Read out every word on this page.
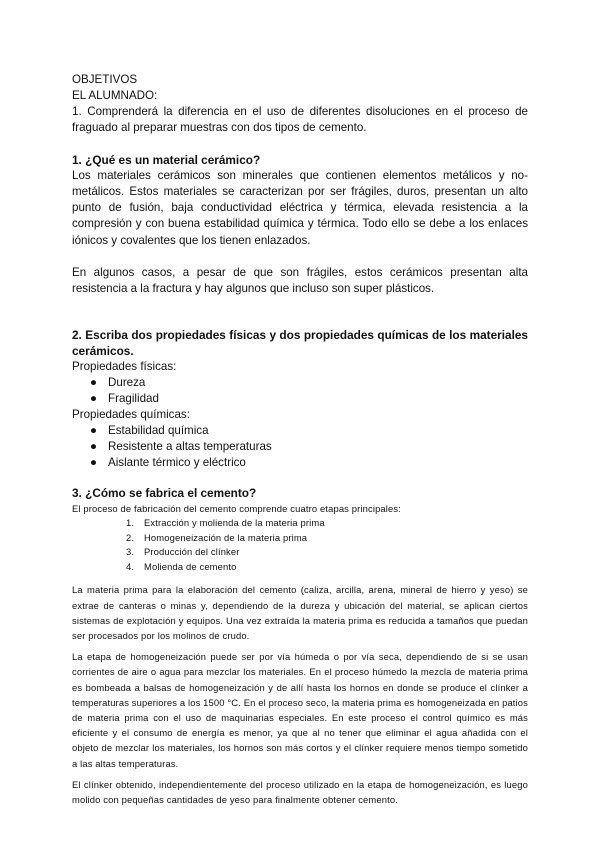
OBJETIVOS

EL ALUMNADO:

1. Comprenderá la diferencia en el uso de diferentes disoluciones en el proceso de fraguado al preparar muestras con dos tipos de cemento.

1. ¿Qué es un material cerámico?

Los materiales cerámicos son minerales que contienen elementos metálicos y no-metálicos. Estos materiales se caracterizan por ser frágiles, duros, presentan un alto punto de fusión, baja conductividad eléctrica y térmica, elevada resistencia a la compresión y con buena estabilidad química y térmica. Todo ello se debe a los enlaces iónicos y covalentes que los tienen enlazados.

En algunos casos, a pesar de que son frágiles, estos cerámicos presentan alta resistencia a la fractura y hay algunos que incluso son super plásticos.

2. Escriba dos propiedades físicas y dos propiedades químicas de los materiales cerámicos.

Propiedades físicas:

● Dureza
● Fragilidad

Propiedades químicas:

● Estabilidad química
● Resistente a altas temperaturas
● Aislante térmico y eléctrico

3. ¿Cómo se fabrica el cemento?

El proceso de fabricación del cemento comprende cuatro etapas principales:

1. Extracción y molienda de la materia prima
2. Homogeneización de la materia prima
3. Producción del clínker
4. Molienda de cemento

La materia prima para la elaboración del cemento (caliza, arcilla, arena, mineral de hierro y yeso) se extrae de canteras o minas y, dependiendo de la dureza y ubicación del material, se aplican ciertos sistemas de explotación y equipos. Una vez extraída la materia prima es reducida a tamaños que puedan ser procesados por los molinos de crudo.

La etapa de homogeneización puede ser por vía húmeda o por vía seca, dependiendo de si se usan corrientes de aire o agua para mezclar los materiales. En el proceso húmedo la mezcla de materia prima es bombeada a balsas de homogeneización y de allí hasta los hornos en donde se produce el clínker a temperaturas superiores a los 1500 °C. En el proceso seco, la materia prima es homogeneizada en patios de materia prima con el uso de maquinarias especiales. En este proceso el control químico es más eficiente y el consumo de energía es menor, ya que al no tener que eliminar el agua añadida con el objeto de mezclar los materiales, los hornos son más cortos y el clínker requiere menos tiempo sometido a las altas temperaturas.

El clínker obtenido, independientemente del proceso utilizado en la etapa de homogeneización, es luego molido con pequeñas cantidades de yeso para finalmente obtener cemento.
